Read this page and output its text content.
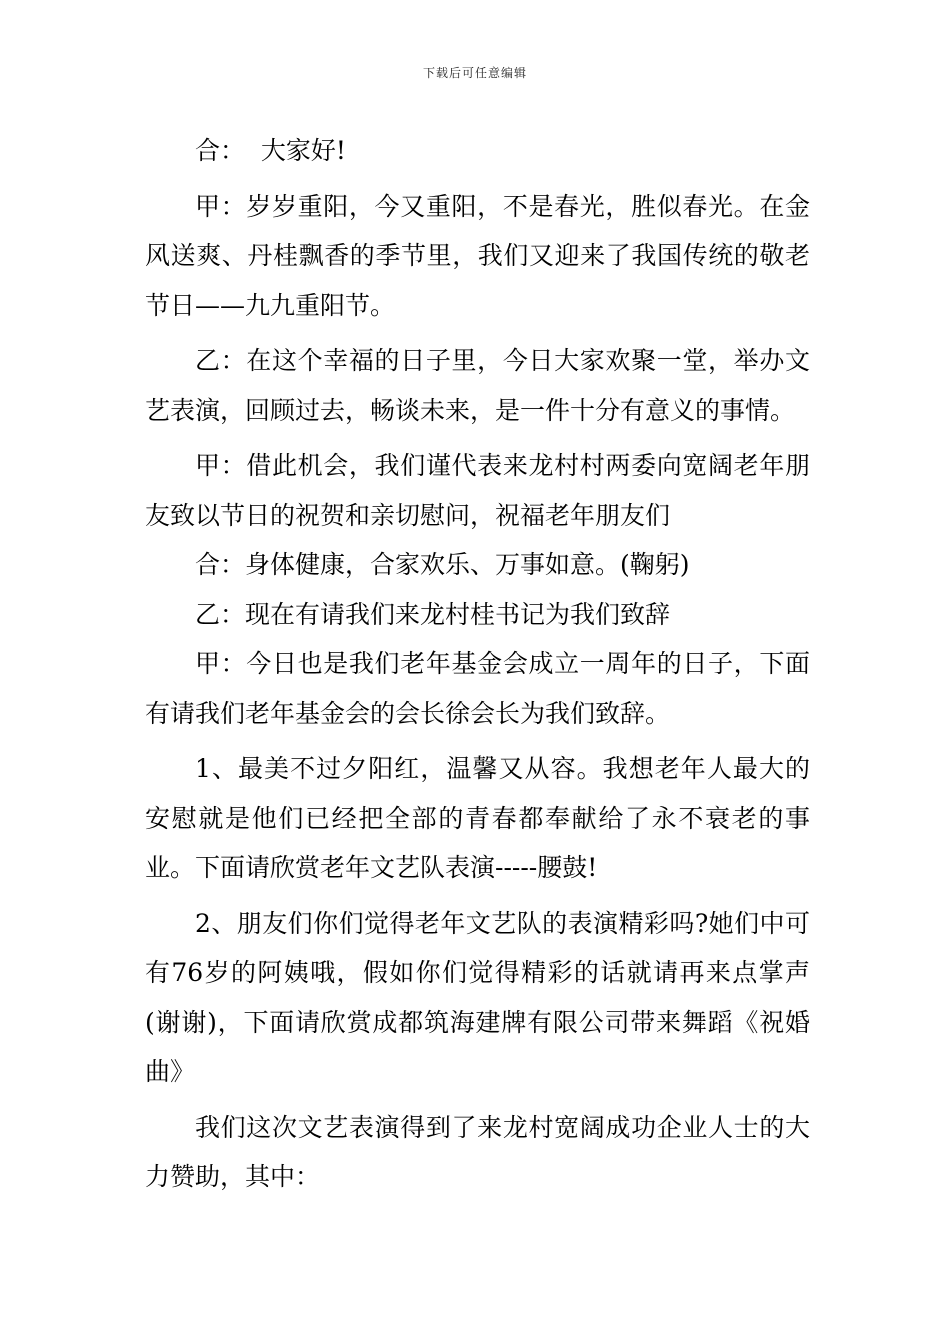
下载后可任意编辑

合：  大家好!

甲：岁岁重阳，今又重阳，不是春光，胜似春光。在金风送爽、丹桂飘香的季节里，我们又迎来了我国传统的敬老节日——九九重阳节。

乙：在这个幸福的日子里，今日大家欢聚一堂，举办文艺表演，回顾过去，畅谈未来，是一件十分有意义的事情。

甲：借此机会，我们谨代表来龙村村两委向宽阔老年朋友致以节日的祝贺和亲切慰问，祝福老年朋友们

合：身体健康，合家欢乐、万事如意。(鞠躬)

乙：现在有请我们来龙村桂书记为我们致辞

甲：今日也是我们老年基金会成立一周年的日子，下面有请我们老年基金会的会长徐会长为我们致辞。

1、最美不过夕阳红，温馨又从容。我想老年人最大的安慰就是他们已经把全部的青春都奉献给了永不衰老的事业。下面请欣赏老年文艺队表演-----腰鼓!

2、朋友们你们觉得老年文艺队的表演精彩吗?她们中可有76岁的阿姨哦，假如你们觉得精彩的话就请再来点掌声(谢谢)，下面请欣赏成都筑海建牌有限公司带来舞蹈《祝婚曲》

我们这次文艺表演得到了来龙村宽阔成功企业人士的大力赞助，其中：
